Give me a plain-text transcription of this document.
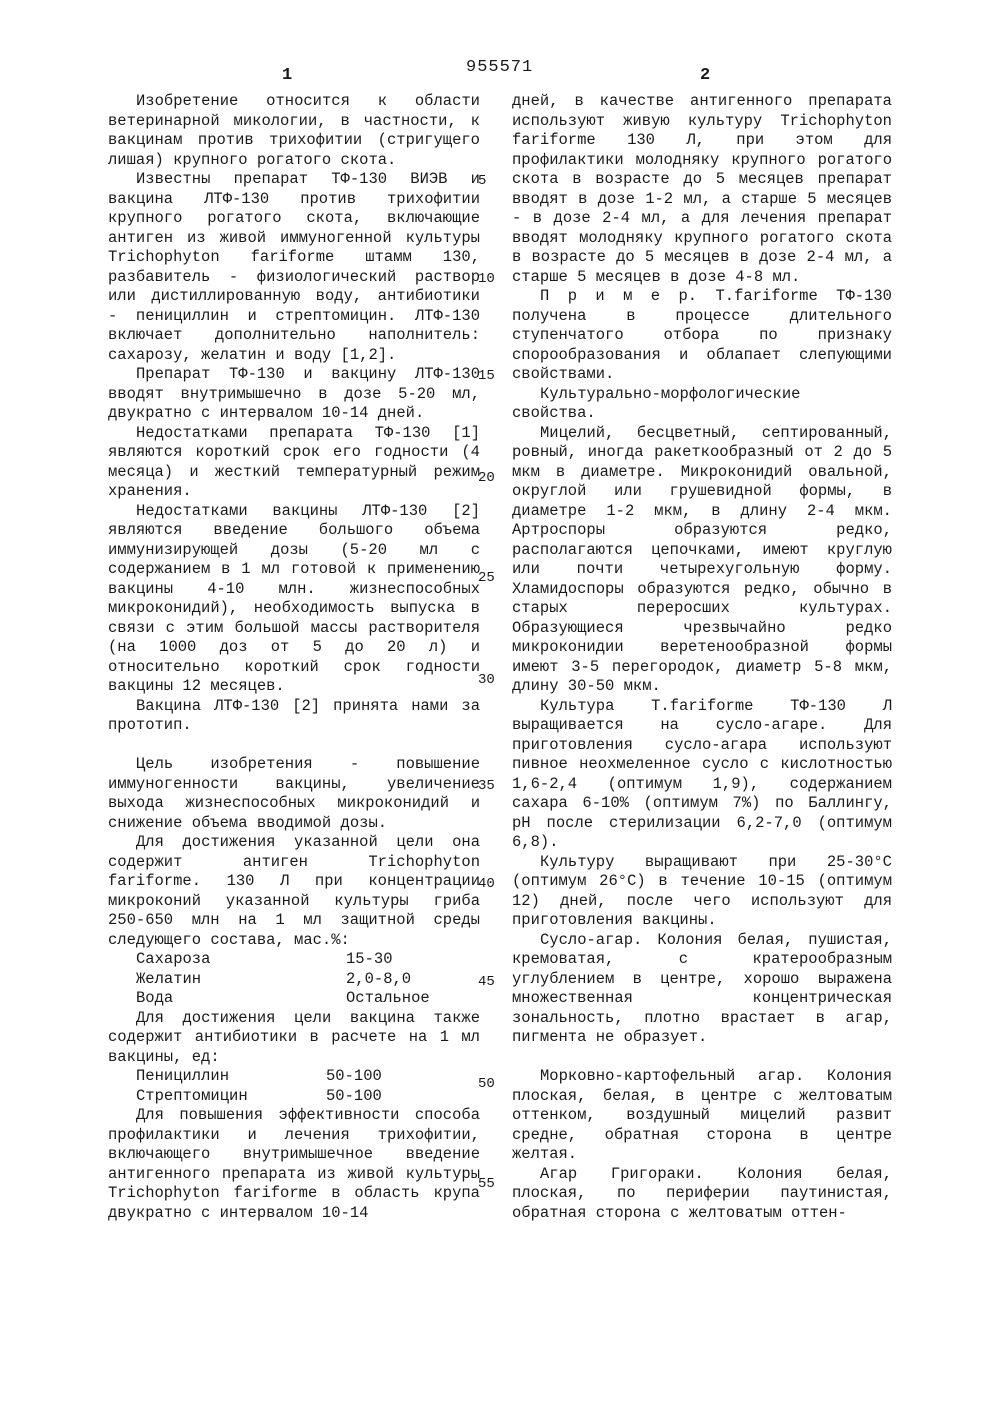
1	955571	2

Изобретение относится к области ветеринарной микологии, в частности, к вакцинам против трихофитии (стригущего лишая) крупного рогатого скота.

Известны препарат ТФ-130 ВИЭВ и вакцина ЛТФ-130 против трихофитии крупного рогатого скота, включающие антиген из живой иммуногенной культуры Trichophyton fariforme штамм 130, разбавитель - физиологический раствор или дистиллированную воду, антибиотики - пенициллин и стрептомицин. ЛТФ-130 включает дополнительно наполнитель: сахарозу, желатин и воду [1,2].

Препарат ТФ-130 и вакцину ЛТФ-130 вводят внутримышечно в дозе 5-20 мл, двукратно с интервалом 10-14 дней.

Недостатками препарата ТФ-130 [1] являются короткий срок его годности (4 месяца) и жесткий температурный режим хранения.

Недостатками вакцины ЛТФ-130 [2] являются введение большого объема иммунизирующей дозы (5-20 мл с содержанием в 1 мл готовой к применению вакцины 4-10 млн. жизнеспособных микроконидий), необходимость выпуска в связи с этим большой массы растворителя (на 1000 доз от 5 до 20 л) и относительно короткий срок годности вакцины 12 месяцев.

Вакцина ЛТФ-130 [2] принята нами за прототип.

Цель изобретения - повышение иммуногенности вакцины, увеличение выхода жизнеспособных микроконидий и снижение объема вводимой дозы.

Для достижения указанной цели она содержит антиген Trichophyton fariforme. 130 Л при концентрации микроконий указанной культуры гриба 250-650 млн на 1 мл защитной среды следующего состава, мас.%:

Сахароза	15-30
Желатин	2,0-8,0
Вода	Остальное

Для достижения цели вакцина также содержит антибиотики в расчете на 1 мл вакцины, ед:

Пенициллин	50-100
Стрептомицин	50-100

Для повышения эффективности способа профилактики и лечения трихофитии, включающего внутримышечное введение антигенного препарата из живой культуры Trichophyton fariforme в область крупа двукратно с интервалом 10-14

дней, в качестве антигенного препарата используют живую культуру Trichophyton fariforme 130 Л, при этом для профилактики молодняку крупного рогатого скота в возрасте до 5 месяцев препарат вводят в дозе 1-2 мл, а старше 5 месяцев - в дозе 2-4 мл, а для лечения препарат вводят молодняку крупного рогатого скота в возрасте до 5 месяцев в дозе 2-4 мл, а старше 5 месяцев в дозе 4-8 мл.

П р и м е р. T.fariforme ТФ-130 получена в процессе длительного ступенчатого отбора по признаку спорообразования и облапает слепующими свойствами.

Культурально-морфологические свойства.

Мицелий, бесцветный, септированный, ровный, иногда ракеткообразный от 2 до 5 мкм в диаметре. Микроконидий овальной, округлой или грушевидной формы, в диаметре 1-2 мкм, в длину 2-4 мкм. Артроспоры образуются редко, располагаются цепочками, имеют круглую или почти четырехугольную форму. Хламидоспоры образуются редко, обычно в старых переросших культурах. Образующиеся чрезвычайно редко микроконидии веретенообразной формы имеют 3-5 перегородок, диаметр 5-8 мкм, длину 30-50 мкм.

Культура T.fariforme ТФ-130 Л выращивается на сусло-агаре. Для приготовления сусло-агара используют пивное неохмеленное сусло с кислотностью 1,6-2,4 (оптимум 1,9), содержанием сахара 6-10% (оптимум 7%) по Баллингу, pH после стерилизации 6,2-7,0 (оптимум 6,8).

Культуру выращивают при 25-30°С (оптимум 26°С) в течение 10-15 (оптимум 12) дней, после чего используют для приготовления вакцины.

Сусло-агар. Колония белая, пушистая, кремоватая, с кратерообразным углублением в центре, хорошо выражена множественная концентрическая зональность, плотно врастает в агар, пигмента не образует.

Морковно-картофельный агар. Колония плоская, белая, в центре с желтоватым оттенком, воздушный мицелий развит средне, обратная сторона в центре желтая.

Агар Григораки. Колония белая, плоская, по периферии паутинистая, обратная сторона с желтоватым оттен-

5
10
15
20
25
30
35
40
45
50
55
